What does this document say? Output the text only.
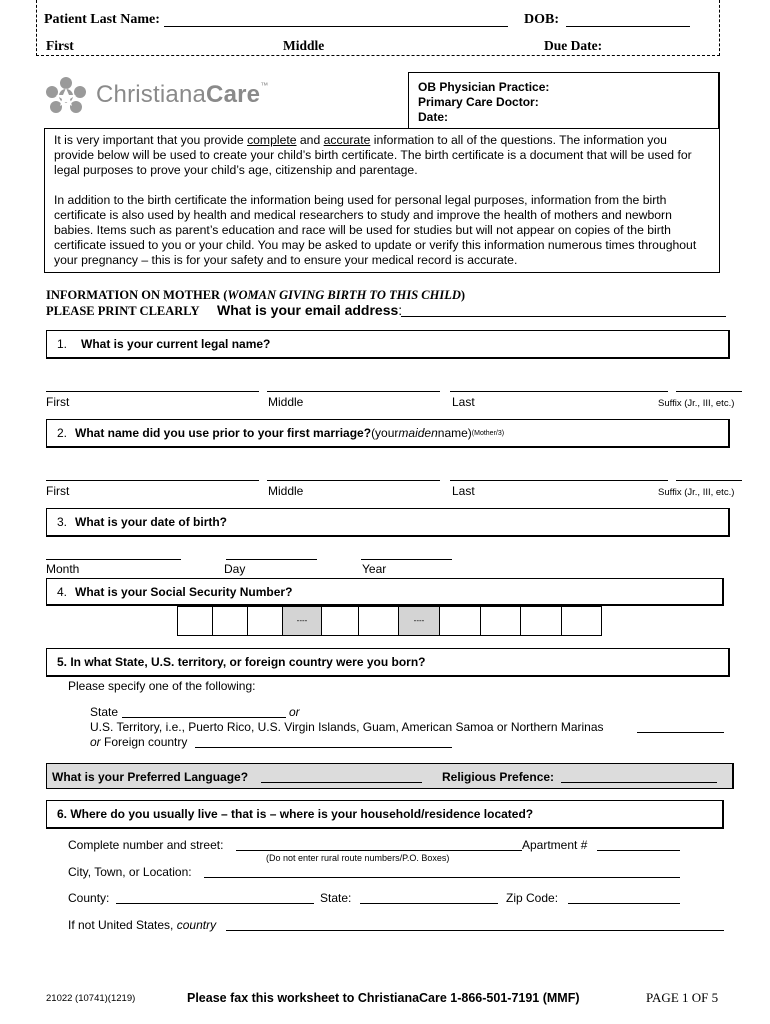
Patient Last Name:	DOB:
First	Middle	Due Date:
ChristianaCare™	OB Physician Practice:
Primary Care Doctor:
Date:
It is very important that you provide complete and accurate information to all of the questions. The information you provide below will be used to create your child’s birth certificate. The birth certificate is a document that will be used for legal purposes to prove your child’s age, citizenship and parentage.
In addition to the birth certificate the information being used for personal legal purposes, information from the birth certificate is also used by health and medical researchers to study and improve the health of mothers and newborn babies. Items such as parent’s education and race will be used for studies but will not appear on copies of the birth certificate issued to you or your child. You may be asked to update or verify this information numerous times throughout your pregnancy – this is for your safety and to ensure your medical record is accurate.
INFORMATION ON MOTHER (WOMAN GIVING BIRTH TO THIS CHILD)
PLEASE PRINT CLEARLY What is your email address:
1. What is your current legal name?
First	Middle	Last	Suffix (Jr., III, etc.)
2. What name did you use prior to your first marriage? (your maiden name) (Mother/3)
First	Middle	Last	Suffix (Jr., III, etc.)
3. What is your date of birth?
Month	Day	Year
4. What is your Social Security Number?
----	----
5. In what State, U.S. territory, or foreign country were you born?
Please specify one of the following:
State	or
U.S. Territory, i.e., Puerto Rico, U.S. Virgin Islands, Guam, American Samoa or Northern Marinas
or Foreign country
What is your Preferred Language?	Religious Prefence:
6. Where do you usually live – that is – where is your household/residence located?
Complete number and street:	Apartment #
(Do not enter rural route numbers/P.O. Boxes)
City, Town, or Location:
County:	State:	Zip Code:
If not United States, country
21022 (10741)(1219)	Please fax this worksheet to ChristianaCare 1-866-501-7191 (MMF)	PAGE 1 OF 5
